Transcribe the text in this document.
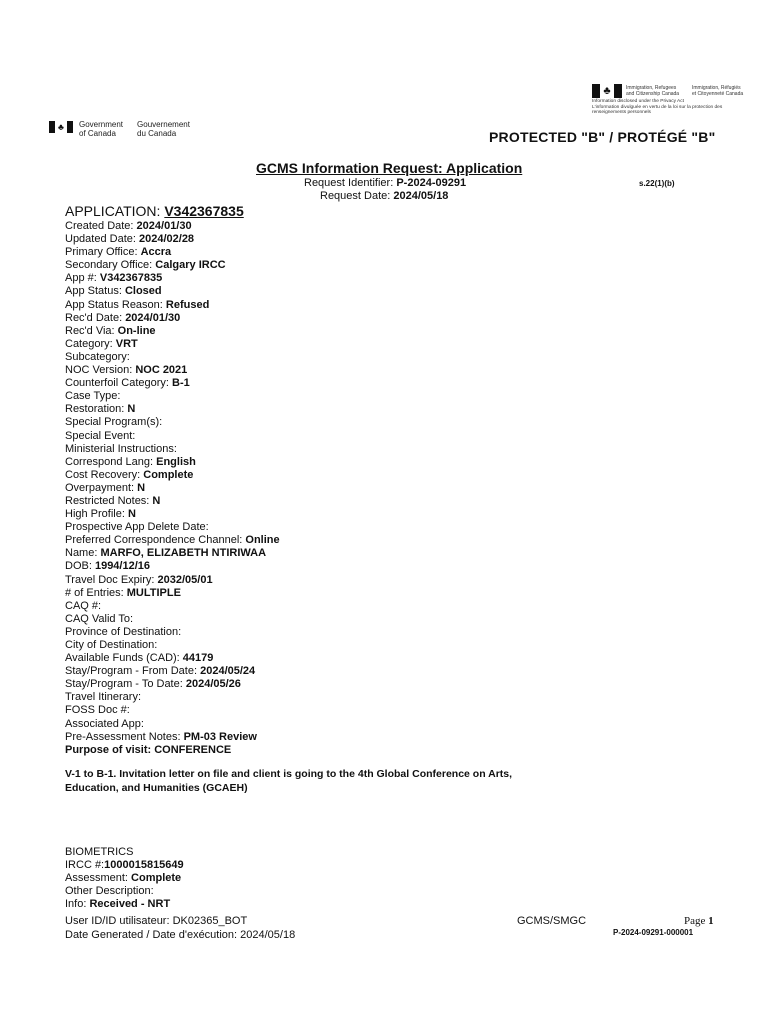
♣	Government
of Canada
Gouvernement
du Canada
♣	Immigration, Refugees
and Citizenship Canada
Immigration, Réfugiés
et Citoyenneté Canada
Information disclosed under the Privacy Act
L'information divulguée en vertu de la loi sur la protection des
renseignements personnels
PROTECTED "B" / PROTÉGÉ "B"
GCMS Information Request: Application
Request Identifier: P-2024-09291
Request Date: 2024/05/18
s.22(1)(b)
APPLICATION: V342367835
Created Date: 2024/01/30
Updated Date: 2024/02/28
Primary Office: Accra
Secondary Office: Calgary IRCC
App #: V342367835
App Status: Closed
App Status Reason: Refused
Rec'd Date: 2024/01/30
Rec'd Via: On-line
Category: VRT
Subcategory:
NOC Version: NOC 2021
Counterfoil Category: B-1
Case Type:
Restoration: N
Special Program(s):
Special Event:
Ministerial Instructions:
Correspond Lang: English
Cost Recovery: Complete
Overpayment: N
Restricted Notes: N
High Profile: N
Prospective App Delete Date:
Preferred Correspondence Channel: Online
Name: MARFO, ELIZABETH NTIRIWAA
DOB: 1994/12/16
Travel Doc Expiry: 2032/05/01
# of Entries: MULTIPLE
CAQ #:
CAQ Valid To:
Province of Destination:
City of Destination:
Available Funds (CAD): 44179
Stay/Program - From Date: 2024/05/24
Stay/Program - To Date: 2024/05/26
Travel Itinerary:
FOSS Doc #:
Associated App:
Pre-Assessment Notes: PM-03 Review
Purpose of visit: CONFERENCE
V-1 to B-1. Invitation letter on file and client is going to the 4th Global Conference on Arts,
Education, and Humanities (GCAEH)
BIOMETRICS
IRCC #:1000015815649
Assessment: Complete
Other Description:
Info: Received - NRT
User ID/ID utilisateur: DK02365_BOT
Date Generated / Date d'exécution: 2024/05/18
GCMS/SMGC	Page 1
P-2024-09291-000001
